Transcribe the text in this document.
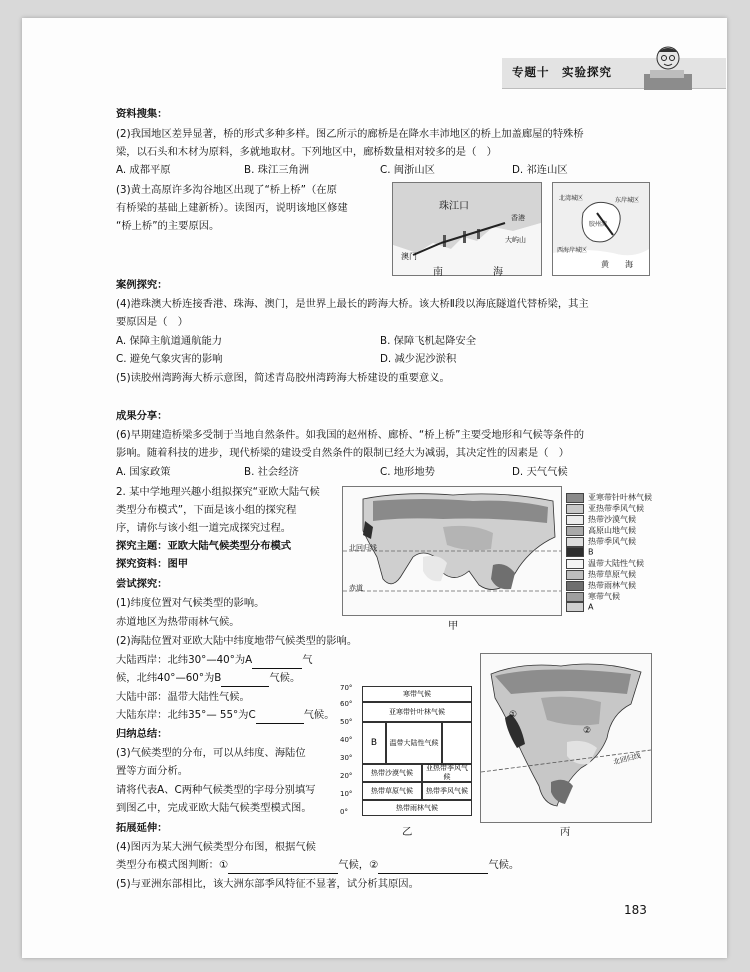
专题十　实验探究
资料搜集：
(2)我国地区差异显著，桥的形式多种多样。图乙所示的廊桥是在降水丰沛地区的桥上加盖廊屋的特殊桥
梁，以石头和木材为原料，多就地取材。下列地区中，廊桥数量相对较多的是（　）
A. 成都平原	B. 珠江三角洲	C. 闽浙山区	D. 祁连山区
(3)黄土高原许多沟谷地区出现了“桥上桥”（在原
有桥梁的基础上建新桥）。读图丙，说明该地区修建
“桥上桥”的主要原因。
珠江口
大屿山
澳门
南	海
香港
北湾城区	东岸城区
胶州湾
西海岸城区
黄 海
案例探究：
(4)港珠澳大桥连接香港、珠海、澳门，是世界上最长的跨海大桥。该大桥Ⅱ段以海底隧道代替桥梁，其主
要原因是（　）
A. 保障主航道通航能力	B. 保障飞机起降安全
C. 避免气象灾害的影响	D. 减少泥沙淤积
(5)读胶州湾跨海大桥示意图，简述青岛胶州湾跨海大桥建设的重要意义。
成果分享：
(6)早期建造桥梁多受制于当地自然条件。如我国的赵州桥、廊桥、“桥上桥”主要受地形和气候等条件的
影响。随着科技的进步，现代桥梁的建设受自然条件的限制已经大为减弱，其决定性的因素是（　）
A. 国家政策	B. 社会经济	C. 地形地势	D. 天气气候
2. 某中学地理兴趣小组拟探究“亚欧大陆气候
类型分布模式”，下面是该小组的探究程
序，请你与该小组一道完成探究过程。
探究主题：亚欧大陆气候类型分布模式
探究资料：图甲
尝试探究：
(1)纬度位置对气候类型的影响。
赤道地区为热带雨林气候。
(2)海陆位置对亚欧大陆中纬度地带气候类型的影响。
大陆西岸：北纬30°—40°为A	气
候，北纬40°—60°为B	气候。
大陆中部：温带大陆性气候。
大陆东岸：北纬35°— 55°为C	气候。
归纳总结：
(3)气候类型的分布，可以从纬度、海陆位
置等方面分析。
请将代表A、C两种气候类型的字母分别填写
到图乙中，完成亚欧大陆气候类型模式图。
拓展延伸：
(4)图丙为某大洲气候类型分布图，根据气候
类型分布模式图判断：①	气候，②	气候。
(5)与亚洲东部相比，该大洲东部季风特征不显著，试分析其原因。
北回归线
赤道
甲
亚寒带针叶林气候
亚热带季风气候
热带沙漠气候
高原山地气候
热带季风气候
B
温带大陆性气候
热带草原气候
热带雨林气候
寒带气候
A
70°
60°
50°
40°
30°
20°
10°
0°
寒带气候
亚寒带针叶林气候
B	温带大陆性气候
热带沙漠气候
热带草原气候
亚热带季风气候
热带季风气候
热带雨林气候
乙
①
②
北回归线
丙
183
